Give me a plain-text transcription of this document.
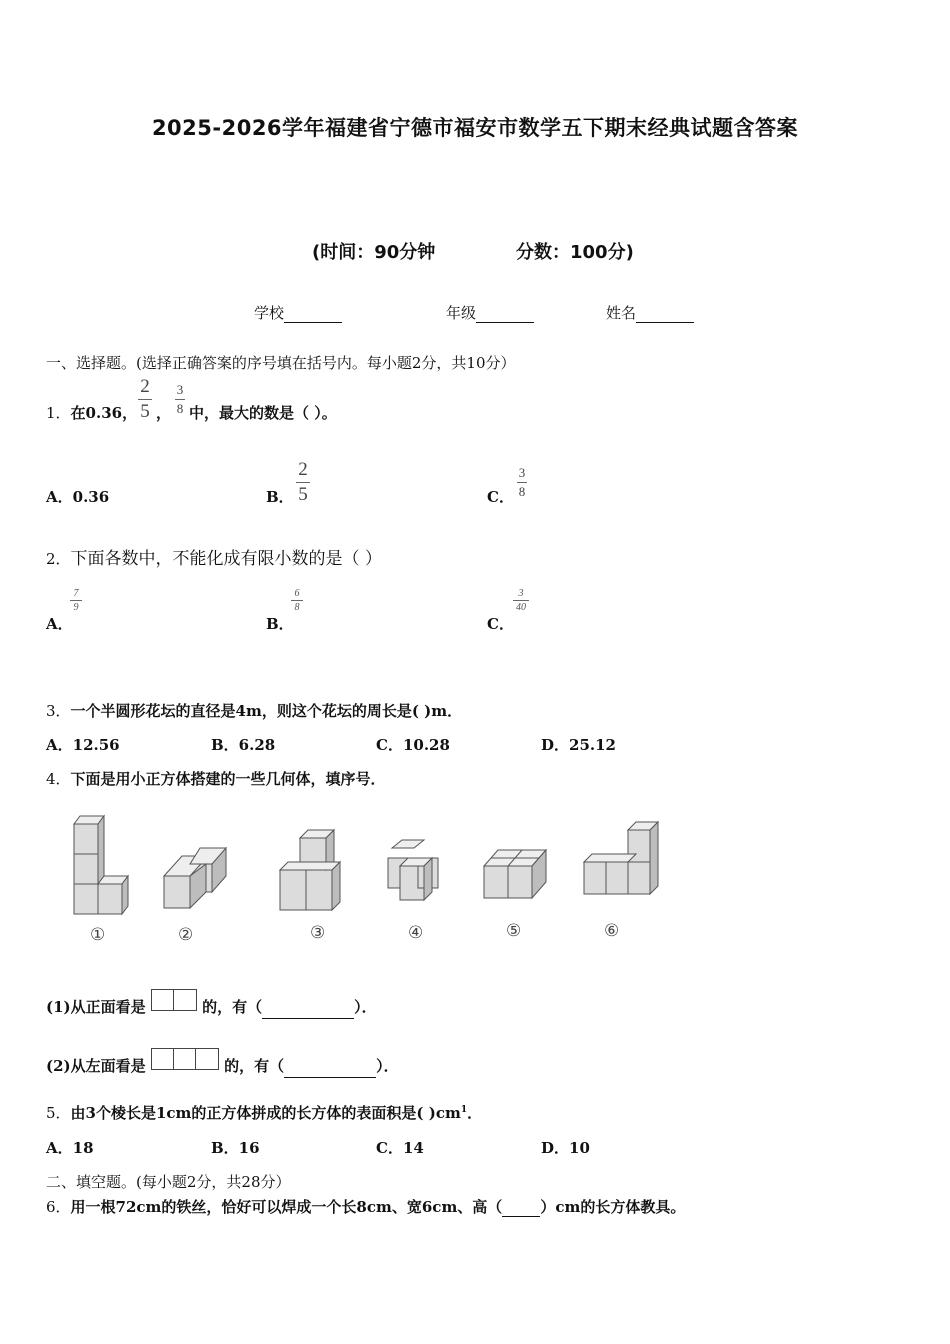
2025-2026学年福建省宁德市福安市数学五下期末经典试题含答案
(时间：90分钟	分数：100分)
学校	年级	姓名
一、选择题。(选择正确答案的序号填在括号内。每小题2分，共10分）
1．在0.36，
2
5 ，
3
8 中，最大的数是（ ）。
A．0.36	B．
2
5	C．
3
8
2．下面各数中，不能化成有限小数的是（ ）
A．
7
9
B．
6
8
C．
3
40
3．一个半圆形花坛的直径是4m，则这个花坛的周长是( )m．
A．12.56	B．6.28	C．10.28	D．25.12
4．下面是用小正方体搭建的一些几何体，填序号．
①	②	③	④	⑤	⑥
(1)从正面看是	的，有（	）．
(2)从左面看是	的，有（	）．
5．由3个棱长是1cm的正方体拼成的长方体的表面积是( )$cm^1$．
A．18	B．16	C．14	D．10
二、填空题。(每小题2分，共28分）
6．用一根72cm的铁丝，恰好可以焊成一个长8cm、宽6cm、高（	）cm的长方体教具。
